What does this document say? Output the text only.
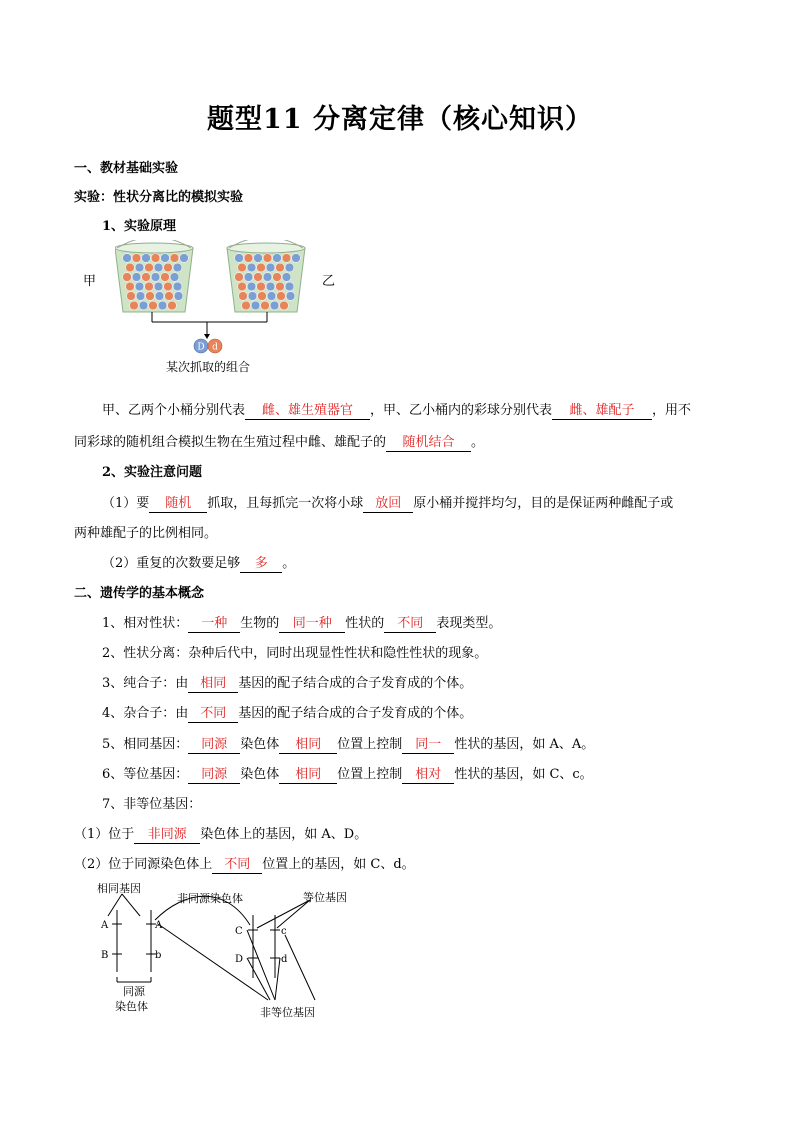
题型11 分离定律（核心知识）
一、教材基础实验
实验：性状分离比的模拟实验
1、实验原理
甲	乙
D d
某次抓取的组合
甲、乙两个小桶分别代表 雌、雄生殖器官 ，甲、乙小桶内的彩球分别代表 雌、雄配子 ，用不
同彩球的随机组合模拟生物在生殖过程中雌、雄配子的 随机结合 。
2、实验注意问题
（1）要 随机 抓取，且每抓完一次将小球 放回 原小桶并搅拌均匀，目的是保证两种雌配子或
两种雄配子的比例相同。
（2）重复的次数要足够 多 。
二、遗传学的基本概念
1、相对性状： 一种 生物的 同一种 性状的 不同 表现类型。
2、性状分离：杂种后代中，同时出现显性性状和隐性性状的现象。
3、纯合子：由 相同 基因的配子结合成的合子发育成的个体。
4、杂合子：由 不同 基因的配子结合成的合子发育成的个体。
5、相同基因： 同源 染色体 相同 位置上控制 同一 性状的基因，如 A、A。
6、等位基因： 同源 染色体 相同 位置上控制 相对 性状的基因，如 C、c。
7、非等位基因：
（1）位于 非同源 染色体上的基因，如 A、D。
（2）位于同源染色体上 不同 位置上的基因，如 C、d。
相同基因
非同源染色体	等位基因
A
B
A
b
C
D
c
d
同源
染色体	非等位基因
